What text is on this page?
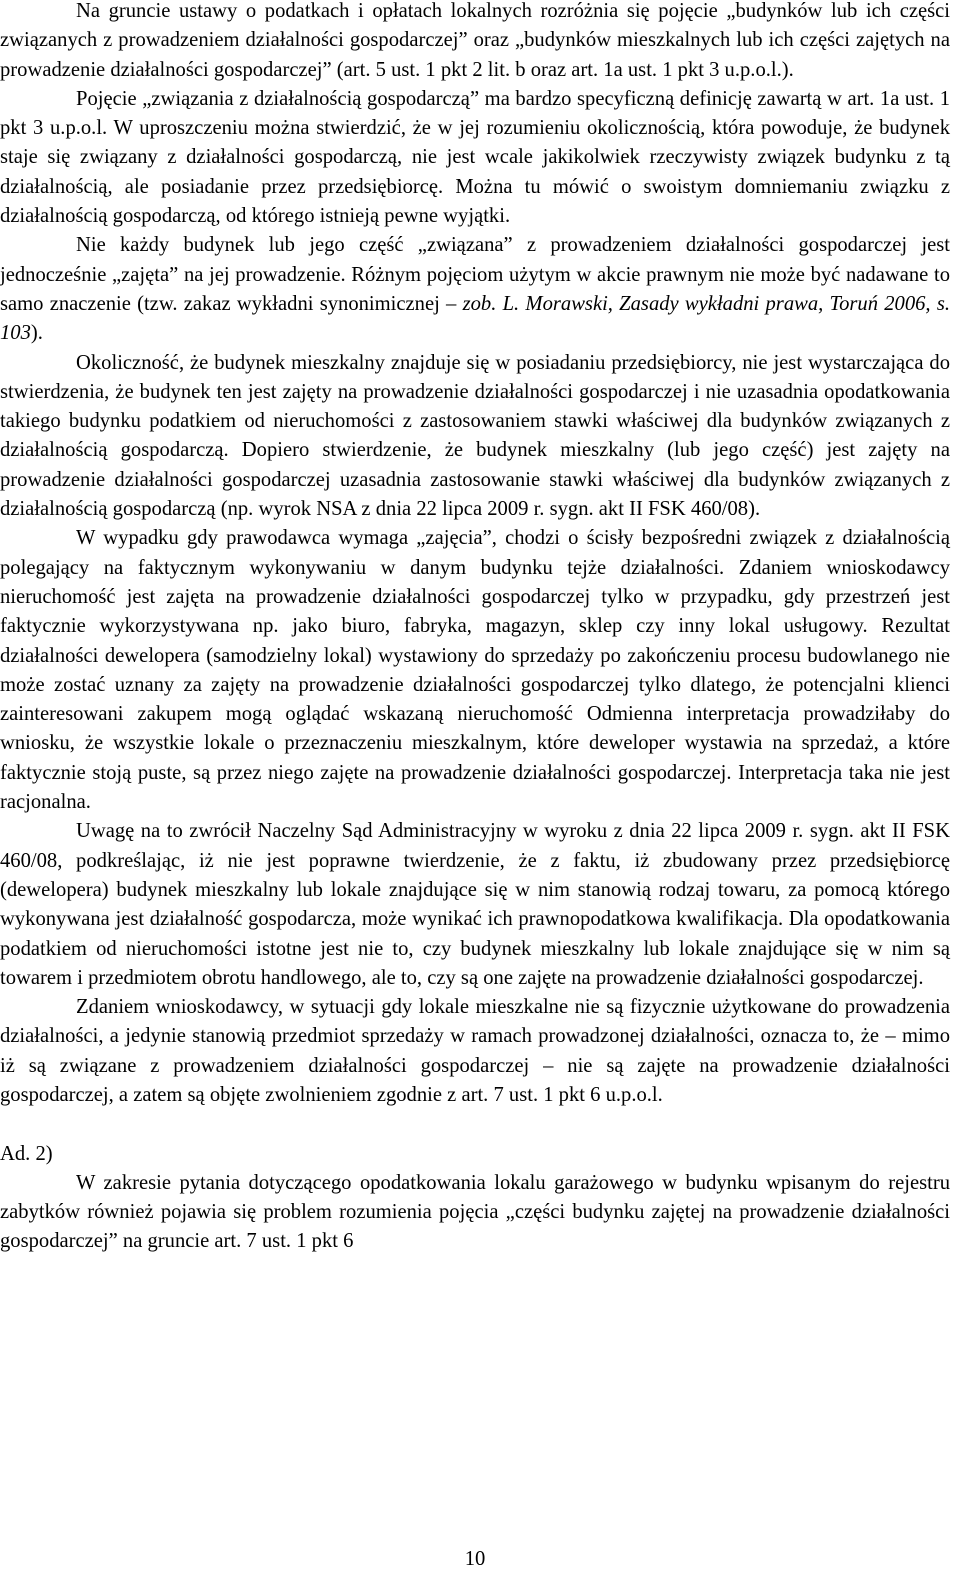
Na gruncie ustawy o podatkach i opłatach lokalnych rozróżnia się pojęcie „budynków lub ich części związanych z prowadzeniem działalności gospodarczej” oraz „budynków mieszkalnych lub ich części zajętych na prowadzenie działalności gospodarczej” (art. 5 ust. 1 pkt 2 lit. b oraz art. 1a ust. 1 pkt 3 u.p.o.l.).

Pojęcie „związania z działalnością gospodarczą” ma bardzo specyficzną definicję zawartą w art. 1a ust. 1 pkt 3 u.p.o.l. W uproszczeniu można stwierdzić, że w jej rozumieniu okolicznością, która powoduje, że budynek staje się związany z działalności gospodarczą, nie jest wcale jakikolwiek rzeczywisty związek budynku z tą działalnością, ale posiadanie przez przedsiębiorcę. Można tu mówić o swoistym domniemaniu związku z działalnością gospodarczą, od którego istnieją pewne wyjątki.

Nie każdy budynek lub jego część „związana” z prowadzeniem działalności gospodarczej jest jednocześnie „zajęta” na jej prowadzenie. Różnym pojęciom użytym w akcie prawnym nie może być nadawane to samo znaczenie (tzw. zakaz wykładni synonimicznej – zob. L. Morawski, Zasady wykładni prawa, Toruń 2006, s. 103).

Okoliczność, że budynek mieszkalny znajduje się w posiadaniu przedsiębiorcy, nie jest wystarczająca do stwierdzenia, że budynek ten jest zajęty na prowadzenie działalności gospodarczej i nie uzasadnia opodatkowania takiego budynku podatkiem od nieruchomości z zastosowaniem stawki właściwej dla budynków związanych z działalnością gospodarczą. Dopiero stwierdzenie, że budynek mieszkalny (lub jego część) jest zajęty na prowadzenie działalności gospodarczej uzasadnia zastosowanie stawki właściwej dla budynków związanych z działalnością gospodarczą (np. wyrok NSA z dnia 22 lipca 2009 r. sygn. akt II FSK 460/08).

W wypadku gdy prawodawca wymaga „zajęcia”, chodzi o ścisły bezpośredni związek z działalnością polegający na faktycznym wykonywaniu w danym budynku tejże działalności. Zdaniem wnioskodawcy nieruchomość jest zajęta na prowadzenie działalności gospodarczej tylko w przypadku, gdy przestrzeń jest faktycznie wykorzystywana np. jako biuro, fabryka, magazyn, sklep czy inny lokal usługowy. Rezultat działalności dewelopera (samodzielny lokal) wystawiony do sprzedaży po zakończeniu procesu budowlanego nie może zostać uznany za zajęty na prowadzenie działalności gospodarczej tylko dlatego, że potencjalni klienci zainteresowani zakupem mogą oglądać wskazaną nieruchomość Odmienna interpretacja prowadziłaby do wniosku, że wszystkie lokale o przeznaczeniu mieszkalnym, które deweloper wystawia na sprzedaż, a które faktycznie stoją puste, są przez niego zajęte na prowadzenie działalności gospodarczej. Interpretacja taka nie jest racjonalna.

Uwagę na to zwrócił Naczelny Sąd Administracyjny w wyroku z dnia 22 lipca 2009 r. sygn. akt II FSK 460/08, podkreślając, iż nie jest poprawne twierdzenie, że z faktu, iż zbudowany przez przedsiębiorcę (dewelopera) budynek mieszkalny lub lokale znajdujące się w nim stanowią rodzaj towaru, za pomocą którego wykonywana jest działalność gospodarcza, może wynikać ich prawnopodatkowa kwalifikacja. Dla opodatkowania podatkiem od nieruchomości istotne jest nie to, czy budynek mieszkalny lub lokale znajdujące się w nim są towarem i przedmiotem obrotu handlowego, ale to, czy są one zajęte na prowadzenie działalności gospodarczej.

Zdaniem wnioskodawcy, w sytuacji gdy lokale mieszkalne nie są fizycznie użytkowane do prowadzenia działalności, a jedynie stanowią przedmiot sprzedaży w ramach prowadzonej działalności, oznacza to, że – mimo iż są związane z prowadzeniem działalności gospodarczej – nie są zajęte na prowadzenie działalności gospodarczej, a zatem są objęte zwolnieniem zgodnie z art. 7 ust. 1 pkt 6 u.p.o.l.

Ad. 2)

W zakresie pytania dotyczącego opodatkowania lokalu garażowego w budynku wpisanym do rejestru zabytków również pojawia się problem rozumienia pojęcia „części budynku zajętej na prowadzenie działalności gospodarczej” na gruncie art. 7 ust. 1 pkt 6

10
